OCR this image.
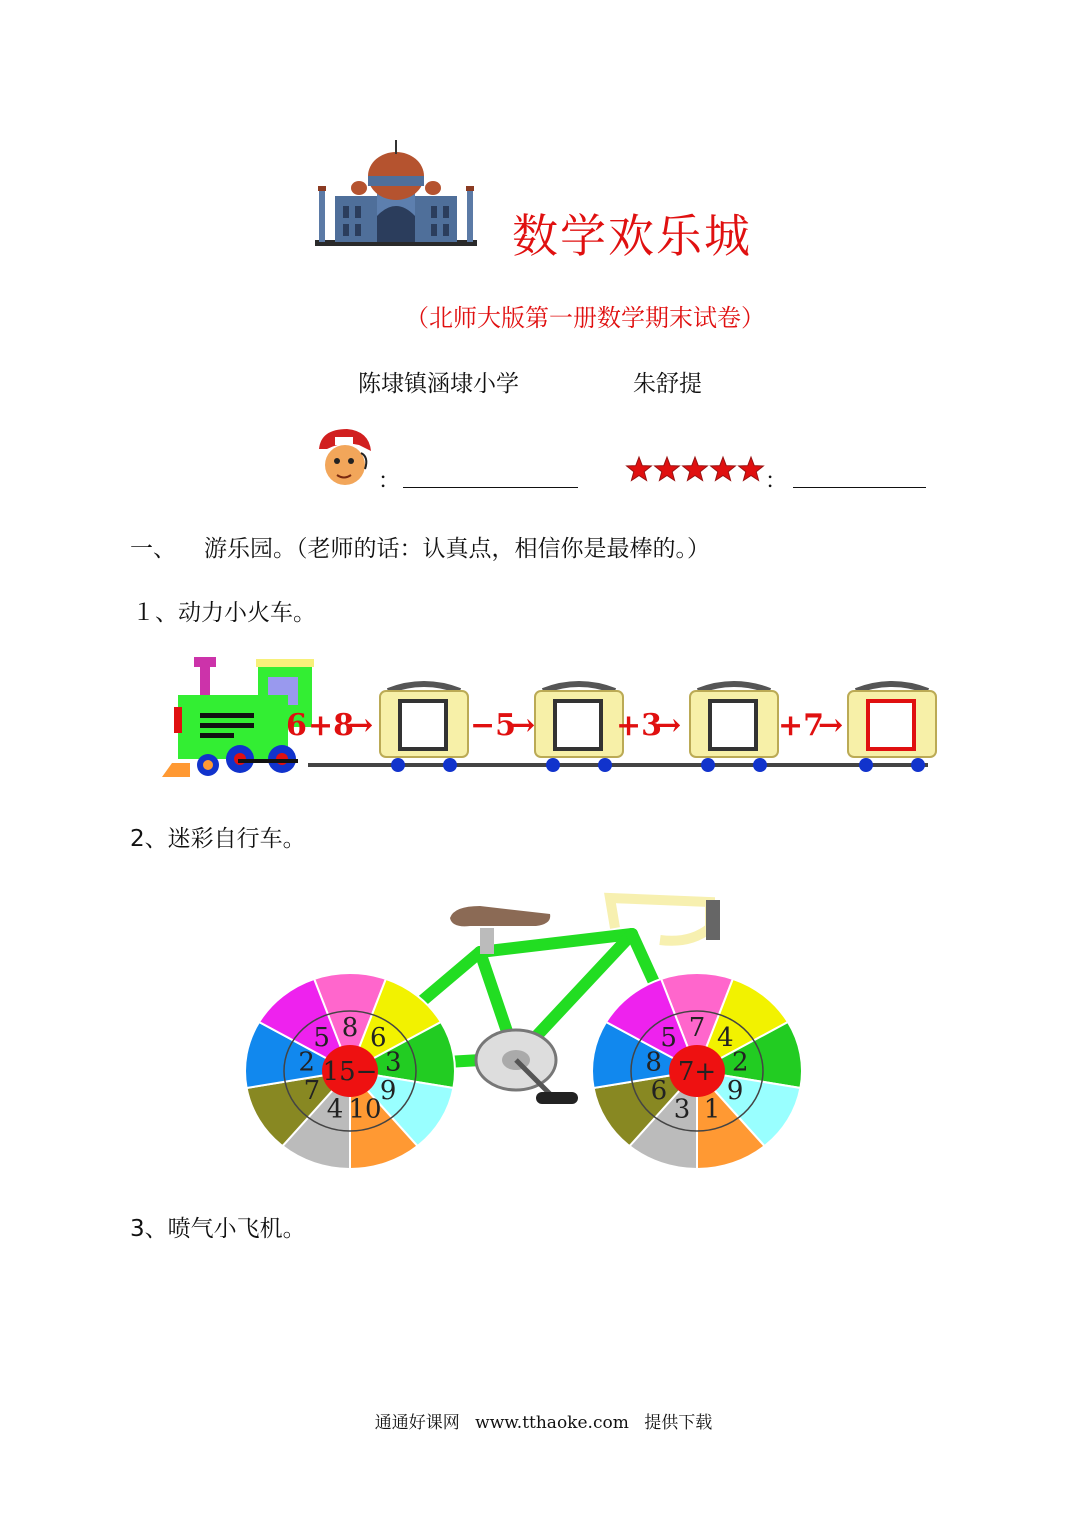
数学欢乐城
（北师大版第一册数学期末试卷）
陈埭镇涵埭小学	朱舒提
：	：
一、 游乐园。（老师的话：认真点，相信你是最棒的。）
１、动力小火车。
6 +8
→	−5
→	+3
→	+7
→
2、迷彩自行车。
5 8 6
3
9
10
4
7
2 15−
5 7 4
2
9
1
3
6
8 7+
3、喷气小飞机。
通通好课网 www.tthaoke.com 提供下载
